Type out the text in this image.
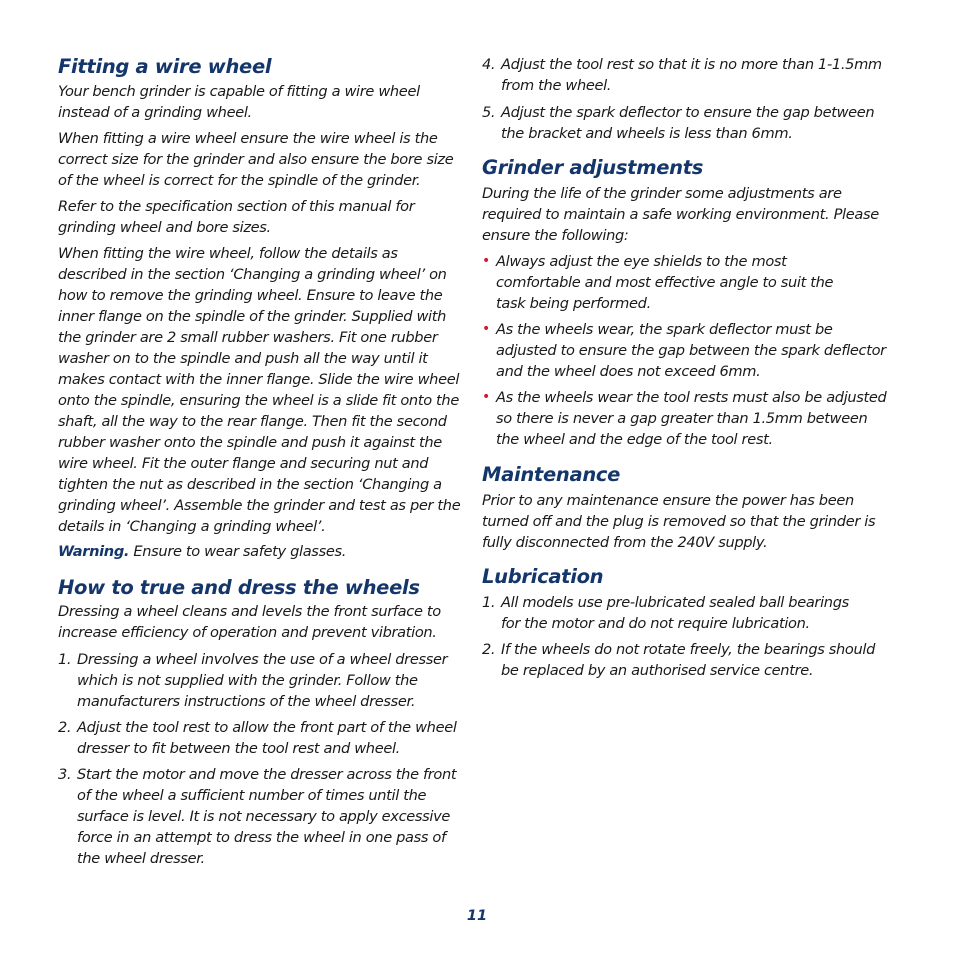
Fitting a wire wheel

Your bench grinder is capable of fitting a wire wheel instead of a grinding wheel.

When fitting a wire wheel ensure the wire wheel is the correct size for the grinder and also ensure the bore size of the wheel is correct for the spindle of the grinder.

Refer to the specification section of this manual for grinding wheel and bore sizes.

When fitting the wire wheel, follow the details as described in the section ‘Changing a grinding wheel’ on how to remove the grinding wheel. Ensure to leave the inner flange on the spindle of the grinder. Supplied with the grinder are 2 small rubber washers. Fit one rubber washer on to the spindle and push all the way until it makes contact with the inner flange. Slide the wire wheel onto the spindle, ensuring the wheel is a slide fit onto the shaft, all the way to the rear flange. Then fit the second rubber washer onto the spindle and push it against the wire wheel. Fit the outer flange and securing nut and tighten the nut as described in the section ‘Changing a grinding wheel’. Assemble the grinder and test as per the details in ‘Changing a grinding wheel’.

Warning. Ensure to wear safety glasses.

How to true and dress the wheels

Dressing a wheel cleans and levels the front surface to increase efficiency of operation and prevent vibration.

1. Dressing a wheel involves the use of a wheel dresser which is not supplied with the grinder. Follow the manufacturers instructions of the wheel dresser.
2. Adjust the tool rest to allow the front part of the wheel dresser to fit between the tool rest and wheel.
3. Start the motor and move the dresser across the front of the wheel a sufficient number of times until the surface is level. It is not necessary to apply excessive force in an attempt to dress the wheel in one pass of the wheel dresser.
4. Adjust the tool rest so that it is no more than 1-1.5mm from the wheel.
5. Adjust the spark deflector to ensure the gap between the bracket and wheels is less than 6mm.
Grinder adjustments

During the life of the grinder some adjustments are required to maintain a safe working environment. Please ensure the following:

• Always adjust the eye shields to the most comfortable and most effective angle to suit the task being performed.
• As the wheels wear, the spark deflector must be adjusted to ensure the gap between the spark deflector and the wheel does not exceed 6mm.
• As the wheels wear the tool rests must also be adjusted so there is never a gap greater than 1.5mm between the wheel and the edge of the tool rest.
Maintenance

Prior to any maintenance ensure the power has been turned off and the plug is removed so that the grinder is fully disconnected from the 240V supply.

Lubrication
1. All models use pre-lubricated sealed ball bearings for the motor and do not require lubrication.
2. If the wheels do not rotate freely, the bearings should be replaced by an authorised service centre.
11
